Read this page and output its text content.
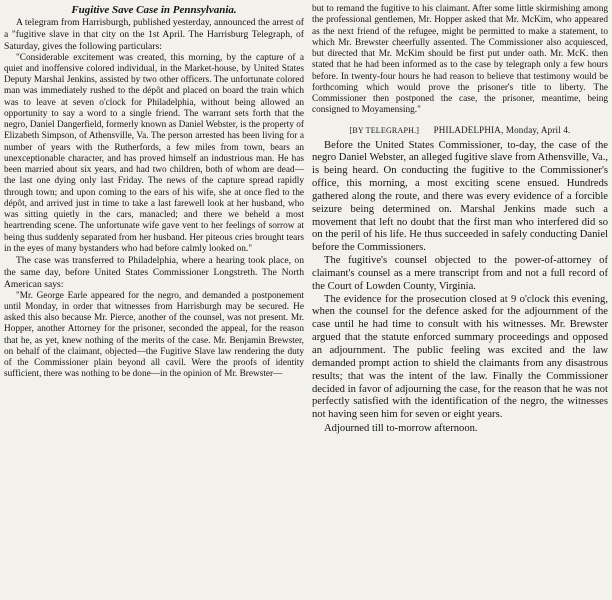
Fugitive Save Case in Pennsylvania.

A telegram from Harrisburgh, published yesterday, announced the arrest of a "fugitive slave in that city on the 1st April. The Harrisburg Telegraph, of Saturday, gives the following particulars:

"Considerable excitement was created, this morning, by the capture of a quiet and inoffensive colored individual, in the Market-house, by United States Deputy Marshal Jenkins, assisted by two other officers. The unfortunate colored man was immediately rushed to the dépôt and placed on board the train which was to leave at seven o'clock for Philadelphia, without being allowed an opportunity to say a word to a single friend. The warrant sets forth that the negro, Daniel Dangerfield, formerly known as Daniel Webster, is the property of Elizabeth Simpson, of Athensville, Va. The person arrested has been living for a number of years with the Rutherfords, a few miles from town, bears an unexceptionable character, and has proved himself an industrious man. He has been married about six years, and had two children, both of whom are dead—the last one dying only last Friday. The news of the capture spread rapidly through town; and upon coming to the ears of his wife, she at once fled to the dépôt, and arrived just in time to take a last farewell look at her husband, who was sitting quietly in the cars, manacled; and there we beheld a most heartrending scene. The unfortunate wife gave vent to her feelings of sorrow at being thus suddenly separated from her husband. Her piteous cries brought tears in the eyes of many bystanders who had before calmly looked on."

The case was transferred to Philadelphia, where a hearing took place, on the same day, before United States Commissioner Longstreth. The North American says:

"Mr. George Earle appeared for the negro, and demanded a postponement until Monday, in order that witnesses from Harrisburgh may be secured. He asked this also because Mr. Pierce, another of the counsel, was not present. Mr. Hopper, another Attorney for the prisoner, seconded the appeal, for the reason that he, as yet, knew nothing of the merits of the case. Mr. Benjamin Brewster, on behalf of the claimant, objected—the Fugitive Slave law rendering the duty of the Commissioner plain beyond all cavil. Were the proofs of identity sufficient, there was nothing to be done—in the opinion of Mr. Brewster—

but to remand the fugitive to his claimant. After some little skirmishing among the professional gentlemen, Mr. Hopper asked that Mr. McKim, who appeared as the next friend of the refugee, might be permitted to make a statement, to which Mr. Brewster cheerfully assented. The Commissioner also acquiesced, but directed that Mr. McKim should be first put under oath. Mr. McK. then stated that he had been informed as to the case by telegraph only a few hours before. In twenty-four hours he had reason to believe that testimony would be forthcoming which would prove the prisoner's title to liberty. The Commissioner then postponed the case, the prisoner, meantime, being consigned to Moyamensing."

[BY TELEGRAPH.] PHILADELPHIA, Monday, April 4.

Before the United States Commissioner, to-day, the case of the negro Daniel Webster, an alleged fugitive slave from Athensville, Va., is being heard. On conducting the fugitive to the Commissioner's office, this morning, a most exciting scene ensued. Hundreds gathered along the route, and there was every evidence of a forcible seizure being determined on. Marshal Jenkins made such a movement that left no doubt that the first man who interfered did so on the peril of his life. He thus succeeded in safely conducting Daniel before the Commissioners.

The fugitive's counsel objected to the power-of-attorney of claimant's counsel as a mere transcript from and not a full record of the Court of Lowden County, Virginia.

The evidence for the prosecution closed at 9 o'clock this evening, when the counsel for the defence asked for the adjournment of the case until he had time to consult with his witnesses. Mr. Brewster argued that the statute enforced summary proceedings and opposed an adjournment. The public feeling was excited and the law demanded prompt action to shield the claimants from any disastrous results; that was the intent of the law. Finally the Commissioner decided in favor of adjourning the case, for the reason that he was not perfectly satisfied with the identification of the negro, the witnesses not having seen him for seven or eight years.

Adjourned till to-morrow afternoon.
